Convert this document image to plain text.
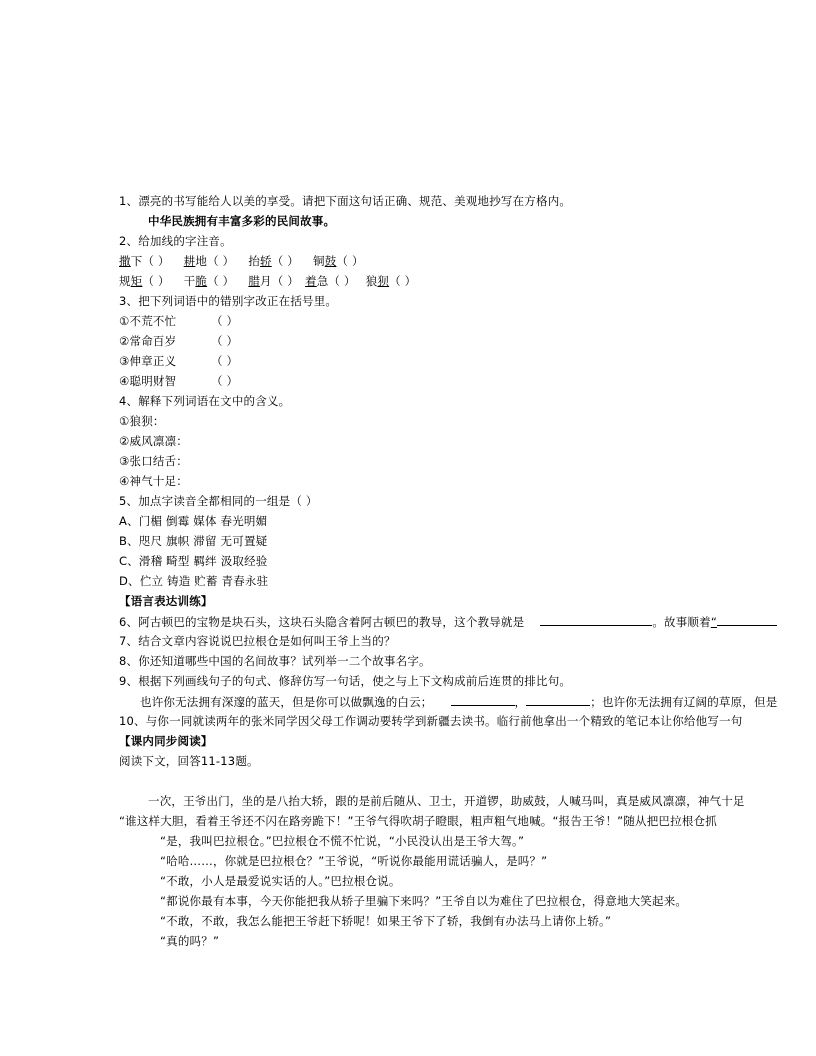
1、漂亮的书写能给人以美的享受。请把下面这句话正确、规范、美观地抄写在方格内。
中华民族拥有丰富多彩的民间故事。
2、给加线的字注音。
撒下（ ） 耕地（ ） 抬轿（ ） 铜鼓（ ）
规矩（ ） 干脆（ ） 腊月（ ） 着急（ ） 狼狈（ ）
3、把下列词语中的错别字改正在括号里。
①不荒不忙	（ ）
②常命百岁	（ ）
③伸章正义	（ ）
④聪明财智	（ ）
4、解释下列词语在文中的含义。
①狼狈：
②威风凛凛：
③张口结舌：
④神气十足：
5、加点字读音全都相同的一组是（ ）
A、门楣 倒霉 媒体 春光明媚
B、咫尺 旗帜 滞留 无可置疑
C、滑稽 畸型 羁绊 汲取经验
D、伫立 铸造 贮蓄 青春永驻
【语言表达训练】
6、阿古顿巴的宝物是块石头，这块石头隐含着阿古顿巴的教导，这个教导就是	。故事顺着“
7、结合文章内容说说巴拉根仓是如何叫王爷上当的？
8、你还知道哪些中国的名间故事？试列举一二个故事名字。
9、根据下列画线句子的句式、修辞仿写一句话，使之与上下文构成前后连贯的排比句。
也许你无法拥有深邃的蓝天，但是你可以做飘逸的白云；	，	；也许你无法拥有辽阔的草原，但是
10、与你一同就读两年的张米同学因父母工作调动要转学到新疆去读书。临行前他拿出一个精致的笔记本让你给他写一句
【课内同步阅读】
阅读下文，回答11-13题。
一次，王爷出门，坐的是八抬大轿，跟的是前后随从、卫士，开道锣，助威鼓，人喊马叫，真是威风凛凛，神气十足
“谁这样大胆，看着王爷还不闪在路旁跪下！”王爷气得吹胡子瞪眼，粗声粗气地喊。“报告王爷！”随从把巴拉根仓抓
“是，我叫巴拉根仓。”巴拉根仓不慌不忙说，“小民没认出是王爷大驾。”
“哈哈……，你就是巴拉根仓？”王爷说，“听说你最能用谎话骗人，是吗？”
“不敢，小人是最爱说实话的人。”巴拉根仓说。
“都说你最有本事，今天你能把我从轿子里骗下来吗？”王爷自以为难住了巴拉根仓，得意地大笑起来。
“不敢，不敢，我怎么能把王爷赶下轿呢！如果王爷下了轿，我倒有办法马上请你上轿。”
“真的吗？”
